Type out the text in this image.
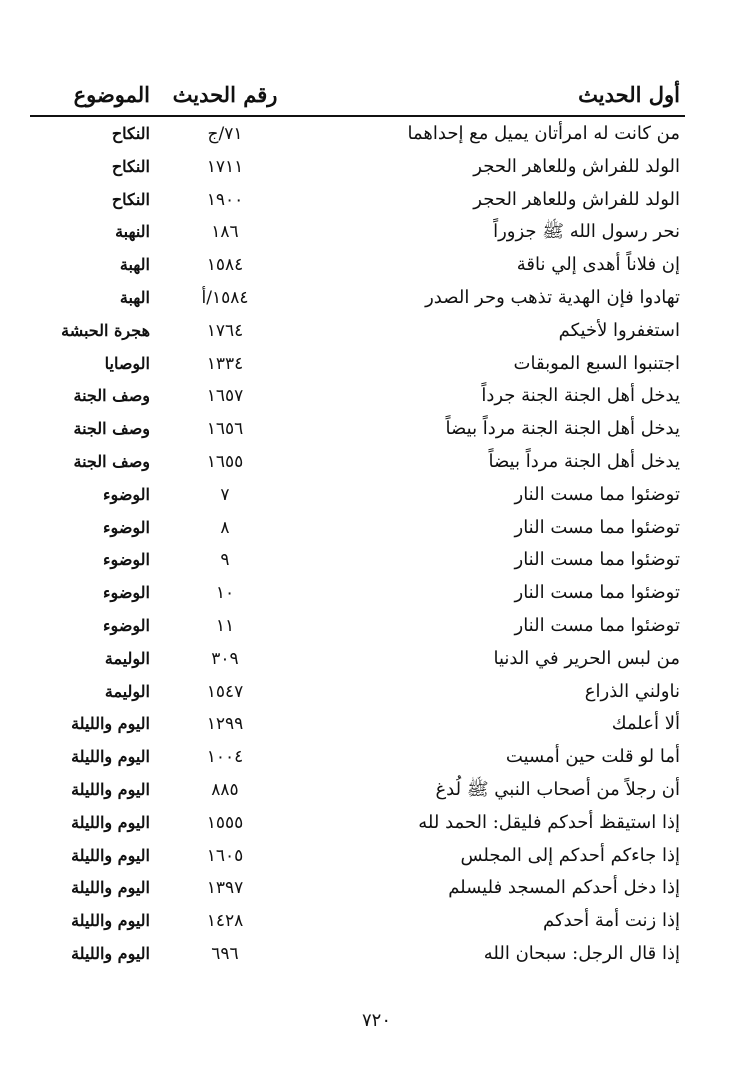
أول الحديث
رقم الحديث
الموضوع
من كانت له امرأتان يميل مع إحداهما
٧١/ج
النكاح
الولد للفراش وللعاهر الحجر
١٧١١
النكاح
الولد للفراش وللعاهر الحجر
١٩٠٠
النكاح
نحر رسول الله ﷺ جزوراً
١٨٦
النهبة
إن فلاناً أهدى إلي ناقة
١٥٨٤
الهبة
تهادوا فإن الهدية تذهب وحر الصدر
١٥٨٤/أ
الهبة
استغفروا لأخيكم
١٧٦٤
هجرة الحبشة
اجتنبوا السبع الموبقات
١٣٣٤
الوصايا
يدخل أهل الجنة الجنة جرداً
١٦٥٧
وصف الجنة
يدخل أهل الجنة الجنة مرداً بيضاً
١٦٥٦
وصف الجنة
يدخل أهل الجنة مرداً بيضاً
١٦٥٥
وصف الجنة
توضئوا مما مست النار
٧
الوضوء
توضئوا مما مست النار
٨
الوضوء
توضئوا مما مست النار
٩
الوضوء
توضئوا مما مست النار
١٠
الوضوء
توضئوا مما مست النار
١١
الوضوء
من لبس الحرير في الدنيا
٣٠٩
الوليمة
ناولني الذراع
١٥٤٧
الوليمة
ألا أعلمك
١٢٩٩
اليوم والليلة
أما لو قلت حين أمسيت
١٠٠٤
اليوم والليلة
أن رجلاً من أصحاب النبي ﷺ لُدغ
٨٨٥
اليوم والليلة
إذا استيقظ أحدكم فليقل: الحمد لله
١٥٥٥
اليوم والليلة
إذا جاءكم أحدكم إلى المجلس
١٦٠٥
اليوم والليلة
إذا دخل أحدكم المسجد فليسلم
١٣٩٧
اليوم والليلة
إذا زنت أمة أحدكم
١٤٢٨
اليوم والليلة
إذا قال الرجل: سبحان الله
٦٩٦
اليوم والليلة
٧٢٠
